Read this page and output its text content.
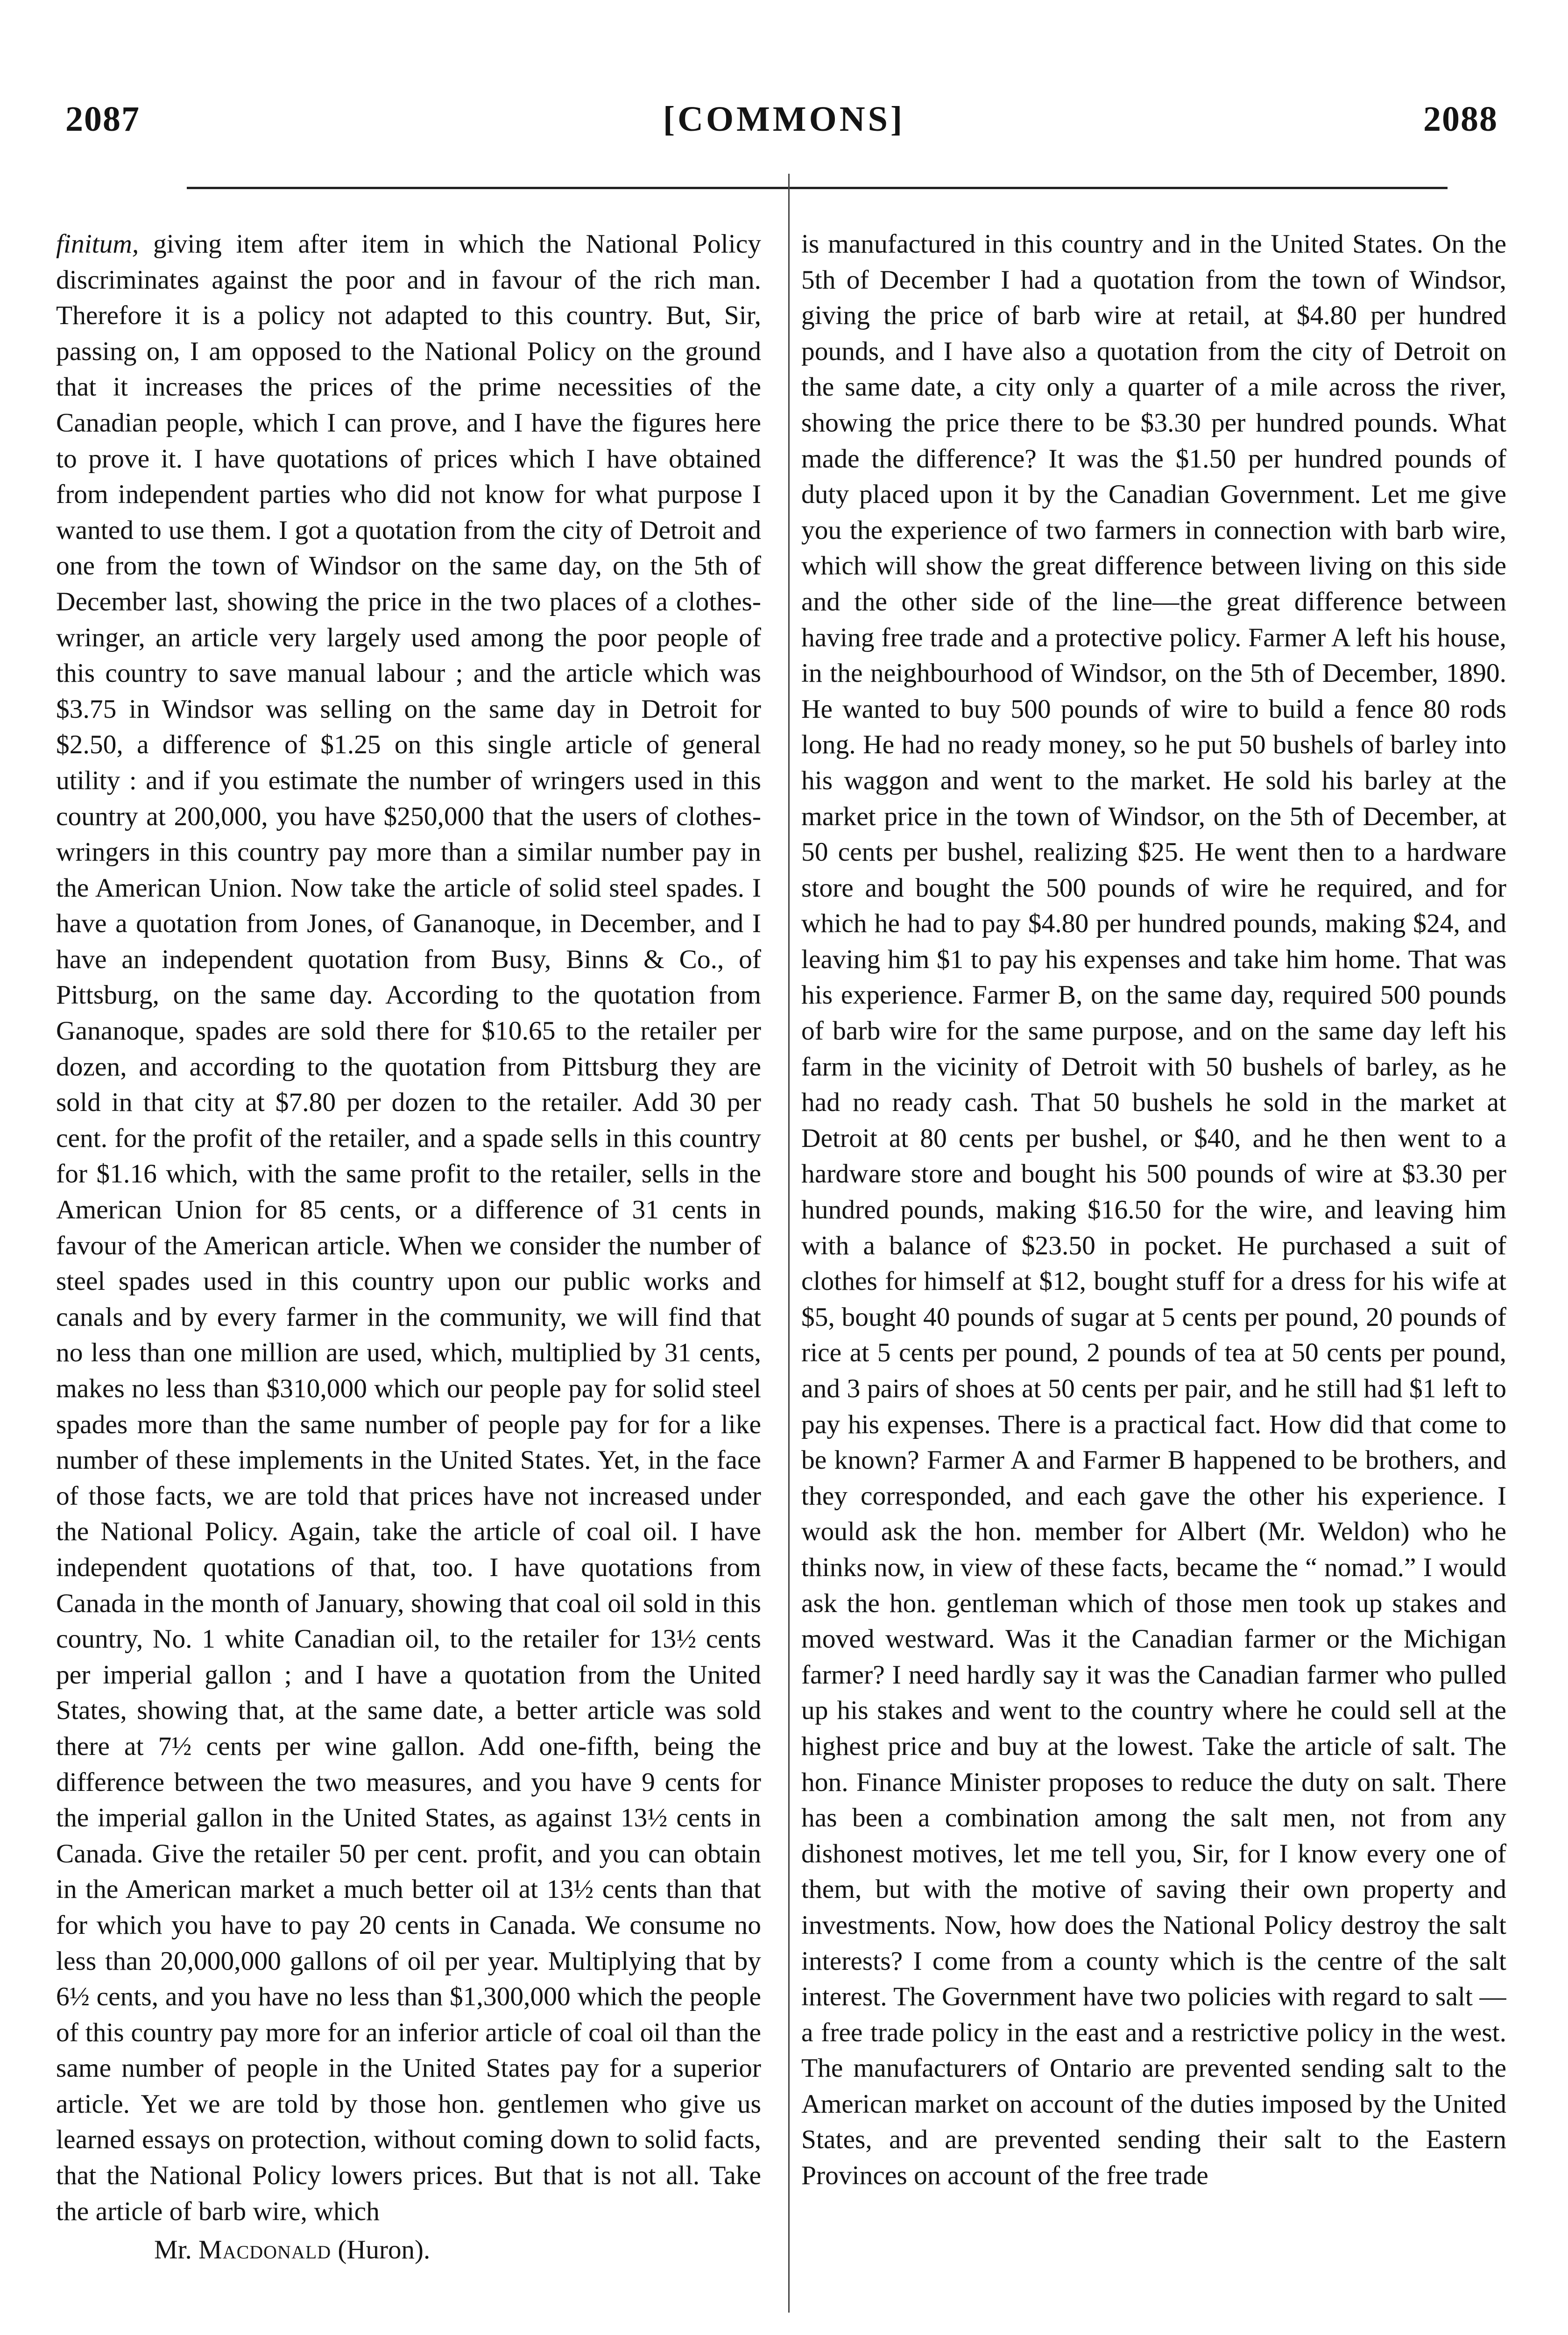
2087	[COMMONS]	2088

finitum, giving item after item in which the National Policy discriminates against the poor and in favour of the rich man. Therefore it is a policy not adapted to this country. But, Sir, passing on, I am opposed to the National Policy on the ground that it increases the prices of the prime necessities of the Canadian people, which I can prove, and I have the figures here to prove it. I have quotations of prices which I have obtained from independent parties who did not know for what purpose I wanted to use them. I got a quotation from the city of Detroit and one from the town of Windsor on the same day, on the 5th of December last, showing the price in the two places of a clothes-wringer, an article very largely used among the poor people of this country to save manual labour ; and the article which was $3.75 in Windsor was selling on the same day in Detroit for $2.50, a difference of $1.25 on this single article of general utility : and if you estimate the number of wringers used in this country at 200,000, you have $250,000 that the users of clothes-wringers in this country pay more than a similar number pay in the American Union. Now take the article of solid steel spades. I have a quotation from Jones, of Gananoque, in December, and I have an independent quotation from Busy, Binns & Co., of Pittsburg, on the same day. According to the quotation from Gananoque, spades are sold there for $10.65 to the retailer per dozen, and according to the quotation from Pittsburg they are sold in that city at $7.80 per dozen to the retailer. Add 30 per cent. for the profit of the retailer, and a spade sells in this country for $1.16 which, with the same profit to the retailer, sells in the American Union for 85 cents, or a difference of 31 cents in favour of the American article. When we consider the number of steel spades used in this country upon our public works and canals and by every farmer in the community, we will find that no less than one million are used, which, multiplied by 31 cents, makes no less than $310,000 which our people pay for solid steel spades more than the same number of people pay for for a like number of these implements in the United States. Yet, in the face of those facts, we are told that prices have not increased under the National Policy. Again, take the article of coal oil. I have independent quotations of that, too. I have quotations from Canada in the month of January, showing that coal oil sold in this country, No. 1 white Canadian oil, to the retailer for 13½ cents per imperial gallon ; and I have a quotation from the United States, showing that, at the same date, a better article was sold there at 7½ cents per wine gallon. Add one-fifth, being the difference between the two measures, and you have 9 cents for the imperial gallon in the United States, as against 13½ cents in Canada. Give the retailer 50 per cent. profit, and you can obtain in the American market a much better oil at 13½ cents than that for which you have to pay 20 cents in Canada. We consume no less than 20,000,000 gallons of oil per year. Multiplying that by 6½ cents, and you have no less than $1,300,000 which the people of this country pay more for an inferior article of coal oil than the same number of people in the United States pay for a superior article. Yet we are told by those hon. gentlemen who give us learned essays on protection, without coming down to solid facts, that the National Policy lowers prices. But that is not all. Take the article of barb wire, which

Mr. Macdonald (Huron).

is manufactured in this country and in the United States. On the 5th of December I had a quotation from the town of Windsor, giving the price of barb wire at retail, at $4.80 per hundred pounds, and I have also a quotation from the city of Detroit on the same date, a city only a quarter of a mile across the river, showing the price there to be $3.30 per hundred pounds. What made the difference? It was the $1.50 per hundred pounds of duty placed upon it by the Canadian Government. Let me give you the experience of two farmers in connection with barb wire, which will show the great difference between living on this side and the other side of the line—the great difference between having free trade and a protective policy. Farmer A left his house, in the neighbourhood of Windsor, on the 5th of December, 1890. He wanted to buy 500 pounds of wire to build a fence 80 rods long. He had no ready money, so he put 50 bushels of barley into his waggon and went to the market. He sold his barley at the market price in the town of Windsor, on the 5th of December, at 50 cents per bushel, realizing $25. He went then to a hardware store and bought the 500 pounds of wire he required, and for which he had to pay $4.80 per hundred pounds, making $24, and leaving him $1 to pay his expenses and take him home. That was his experience. Farmer B, on the same day, required 500 pounds of barb wire for the same purpose, and on the same day left his farm in the vicinity of Detroit with 50 bushels of barley, as he had no ready cash. That 50 bushels he sold in the market at Detroit at 80 cents per bushel, or $40, and he then went to a hardware store and bought his 500 pounds of wire at $3.30 per hundred pounds, making $16.50 for the wire, and leaving him with a balance of $23.50 in pocket. He purchased a suit of clothes for himself at $12, bought stuff for a dress for his wife at $5, bought 40 pounds of sugar at 5 cents per pound, 20 pounds of rice at 5 cents per pound, 2 pounds of tea at 50 cents per pound, and 3 pairs of shoes at 50 cents per pair, and he still had $1 left to pay his expenses. There is a practical fact. How did that come to be known? Farmer A and Farmer B happened to be brothers, and they corresponded, and each gave the other his experience. I would ask the hon. member for Albert (Mr. Weldon) who he thinks now, in view of these facts, became the “ nomad.” I would ask the hon. gentleman which of those men took up stakes and moved westward. Was it the Canadian farmer or the Michigan farmer? I need hardly say it was the Canadian farmer who pulled up his stakes and went to the country where he could sell at the highest price and buy at the lowest. Take the article of salt. The hon. Finance Minister proposes to reduce the duty on salt. There has been a combination among the salt men, not from any dishonest motives, let me tell you, Sir, for I know every one of them, but with the motive of saving their own property and investments. Now, how does the National Policy destroy the salt interests? I come from a county which is the centre of the salt interest. The Government have two policies with regard to salt —a free trade policy in the east and a restrictive policy in the west. The manufacturers of Ontario are prevented sending salt to the American market on account of the duties imposed by the United States, and are prevented sending their salt to the Eastern Provinces on account of the free trade
